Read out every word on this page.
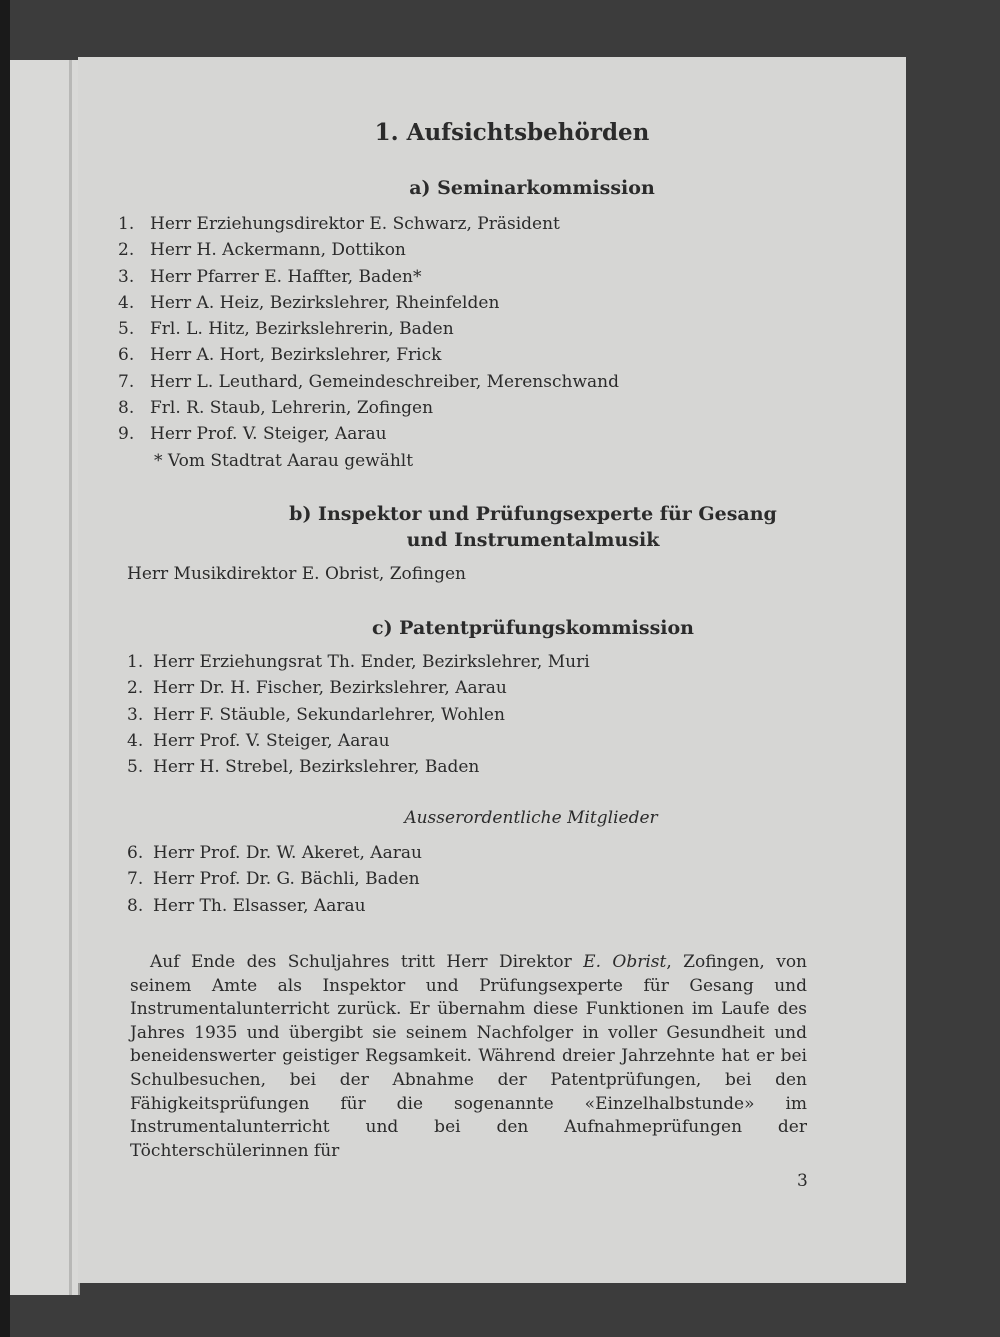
1. Aufsichtsbehörden
a) Seminarkommission
1. Herr Erziehungsdirektor E. Schwarz, Präsident
2. Herr H. Ackermann, Dottikon
3. Herr Pfarrer E. Haffter, Baden*
4. Herr A. Heiz, Bezirkslehrer, Rheinfelden
5. Frl. L. Hitz, Bezirkslehrerin, Baden
6. Herr A. Hort, Bezirkslehrer, Frick
7. Herr L. Leuthard, Gemeindeschreiber, Merenschwand
8. Frl. R. Staub, Lehrerin, Zofingen
9. Herr Prof. V. Steiger, Aarau
* Vom Stadtrat Aarau gewählt
b) Inspektor und Prüfungsexperte für Gesang
und Instrumentalmusik
Herr Musikdirektor E. Obrist, Zofingen
c) Patentprüfungskommission
1. Herr Erziehungsrat Th. Ender, Bezirkslehrer, Muri
2. Herr Dr. H. Fischer, Bezirkslehrer, Aarau
3. Herr F. Stäuble, Sekundarlehrer, Wohlen
4. Herr Prof. V. Steiger, Aarau
5. Herr H. Strebel, Bezirkslehrer, Baden
Ausserordentliche Mitglieder
6. Herr Prof. Dr. W. Akeret, Aarau
7. Herr Prof. Dr. G. Bächli, Baden
8. Herr Th. Elsasser, Aarau

Auf Ende des Schuljahres tritt Herr Direktor E. Obrist, Zofingen, von seinem Amte als Inspektor und Prüfungsexperte für Gesang und Instrumentalunterricht zurück. Er übernahm diese Funktionen im Laufe des Jahres 1935 und übergibt sie seinem Nachfolger in voller Gesundheit und beneidenswerter geistiger Regsamkeit. Während dreier Jahrzehnte hat er bei Schulbesuchen, bei der Abnahme der Patentprüfungen, bei den Fähigkeitsprüfungen für die sogenannte «Einzelhalbstunde» im Instrumentalunterricht und bei den Aufnahmeprüfungen der Töchterschülerinnen für

3
